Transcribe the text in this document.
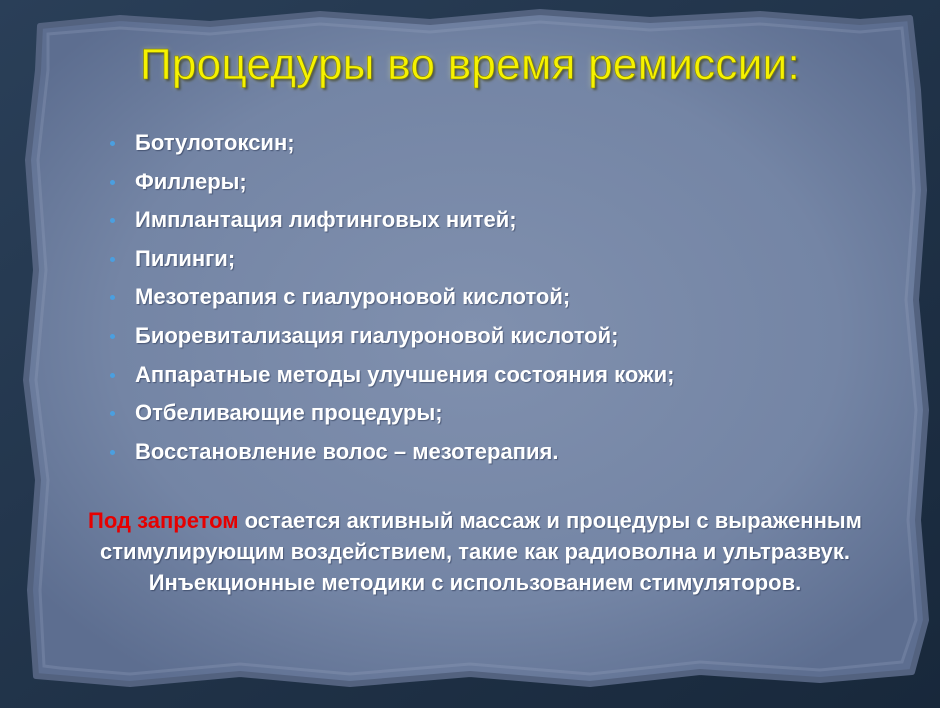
Процедуры во время ремиссии:
Ботулотоксин;
Филлеры;
Имплантация лифтинговых нитей;
Пилинги;
Мезотерапия с гиалуроновой кислотой;
Биоревитализация гиалуроновой кислотой;
Аппаратные методы улучшения состояния кожи;
Отбеливающие процедуры;
Восстановление волос – мезотерапия.
Под запретом остается активный массаж и процедуры с выраженным стимулирующим воздействием, такие как радиоволна и ультразвук. Инъекционные методики с использованием стимуляторов.
